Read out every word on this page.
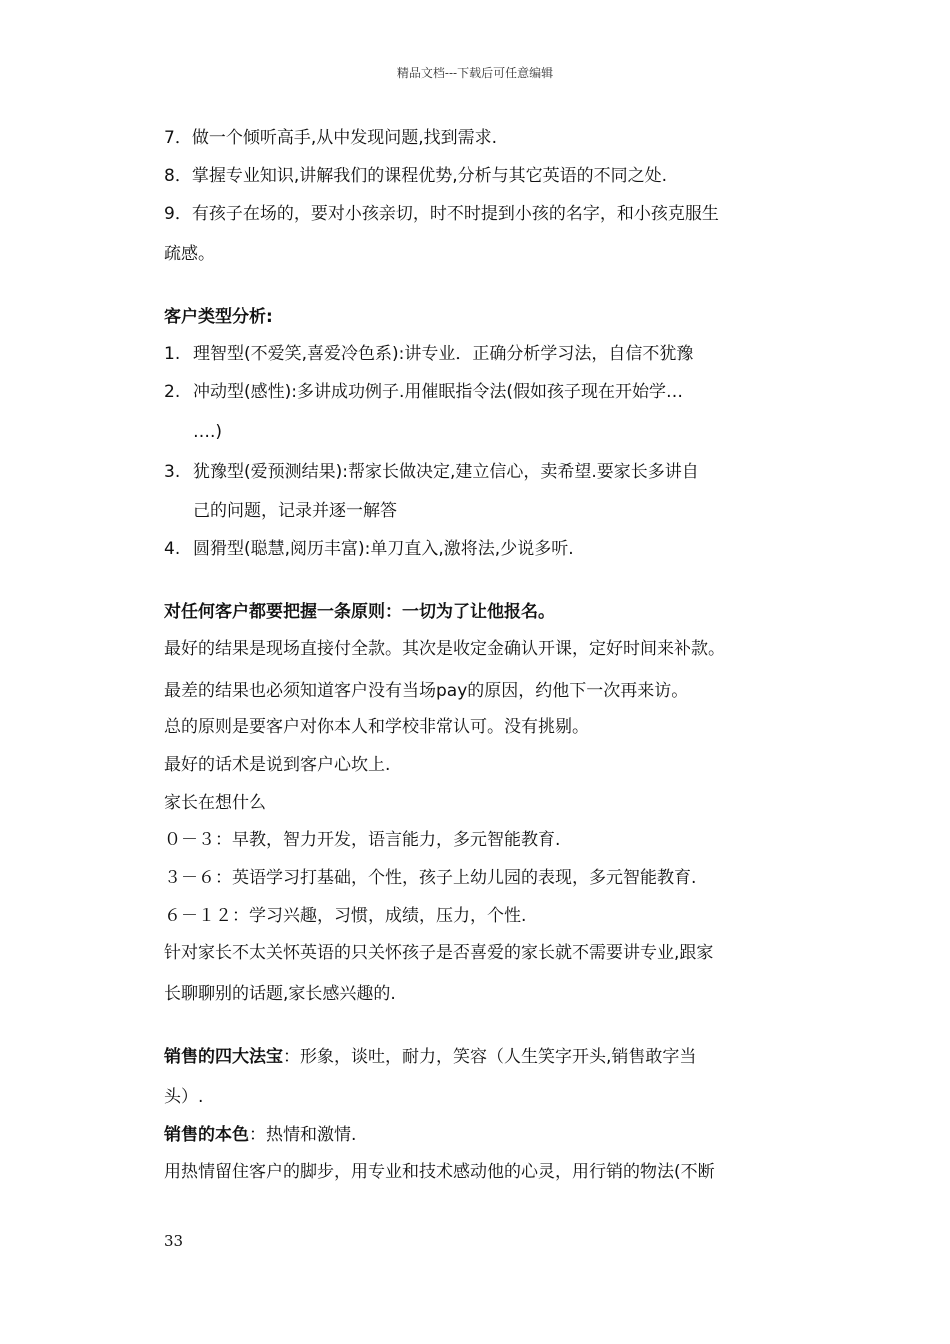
精品文档---下载后可任意编辑
7．做一个倾听高手,从中发现问题,找到需求.
8．掌握专业知识,讲解我们的课程优势,分析与其它英语的不同之处.
9．有孩子在场的，要对小孩亲切，时不时提到小孩的名字，和小孩克服生
疏感。
客户类型分析:
1. 理智型(不爱笑,喜爱冷色系):讲专业．正确分析学习法，自信不犹豫
2. 冲动型(感性):多讲成功例子.用催眠指令法(假如孩子现在开始学…
….)
3. 犹豫型(爱预测结果):帮家长做决定,建立信心，卖希望.要家长多讲自
己的问题，记录并逐一解答
4. 圆猾型(聪慧,阅历丰富):单刀直入,激将法,少说多听.
对任何客户都要把握一条原则：一切为了让他报名。
最好的结果是现场直接付全款。其次是收定金确认开课，定好时间来补款。
最差的结果也必须知道客户没有当场pay的原因，约他下一次再来访。
总的原则是要客户对你本人和学校非常认可。没有挑剔。
最好的话术是说到客户心坎上.
家长在想什么
０－３：早教，智力开发，语言能力，多元智能教育.
３－６：英语学习打基础，个性，孩子上幼儿园的表现，多元智能教育.
６－１２：学习兴趣，习惯，成绩，压力，个性.
针对家长不太关怀英语的只关怀孩子是否喜爱的家长就不需要讲专业,跟家
长聊聊别的话题,家长感兴趣的.
销售的四大法宝：形象，谈吐，耐力，笑容（人生笑字开头,销售敢字当
头）.
销售的本色：热情和激情.
用热情留住客户的脚步，用专业和技术感动他的心灵，用行销的物法(不断
33
